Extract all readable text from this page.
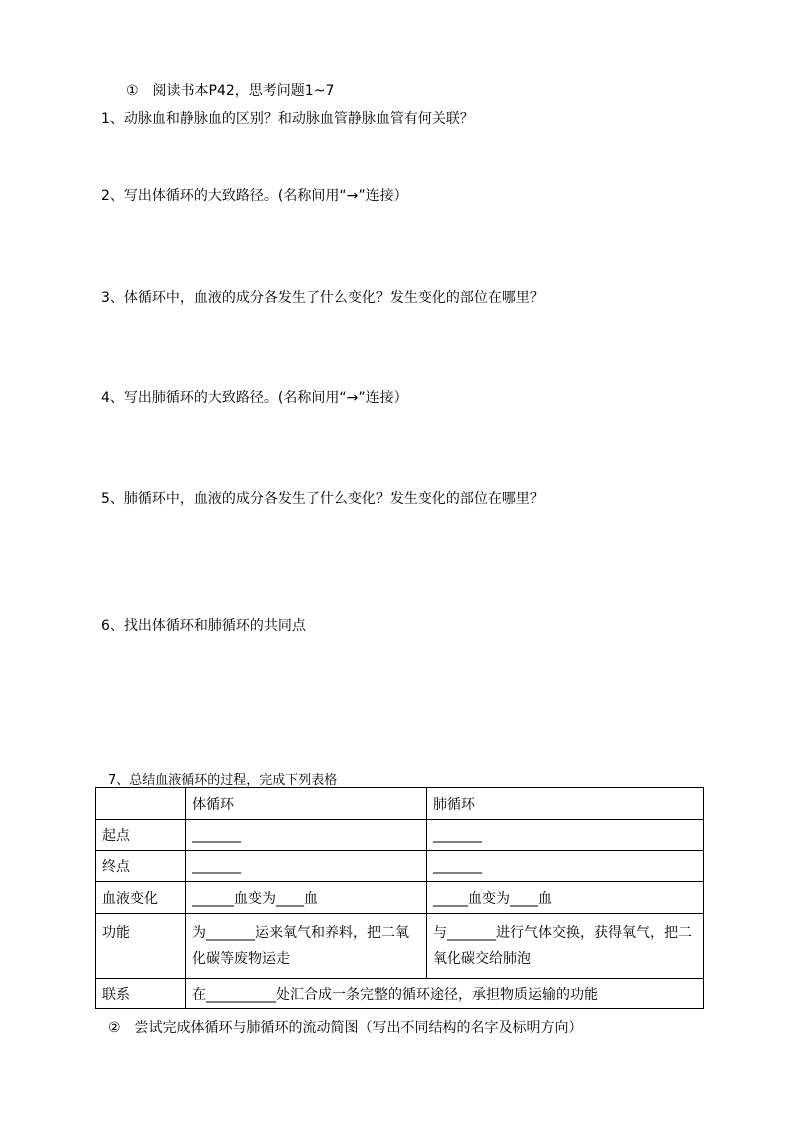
①　阅读书本P42，思考问题1~7
1、动脉血和静脉血的区别？和动脉血管静脉血管有何关联？
2、写出体循环的大致路径。(名称间用“→”连接）
3、体循环中，血液的成分各发生了什么变化？发生变化的部位在哪里？
4、写出肺循环的大致路径。(名称间用“→”连接）
5、肺循环中，血液的成分各发生了什么变化？发生变化的部位在哪里？
6、找出体循环和肺循环的共同点
7、总结血液循环的过程，完成下列表格
	体循环	肺循环
起点	_______	_______
终点	_______	_______
血液变化	______血变为____血	_____血变为____血
功能	为_______运来氧气和养料，把二氧化碳等废物运走	与_______进行气体交换，获得氧气，把二氧化碳交给肺泡
联系	在__________处汇合成一条完整的循环途径，承担物质运输的功能	
②　尝试完成体循环与肺循环的流动简图（写出不同结构的名字及标明方向）
